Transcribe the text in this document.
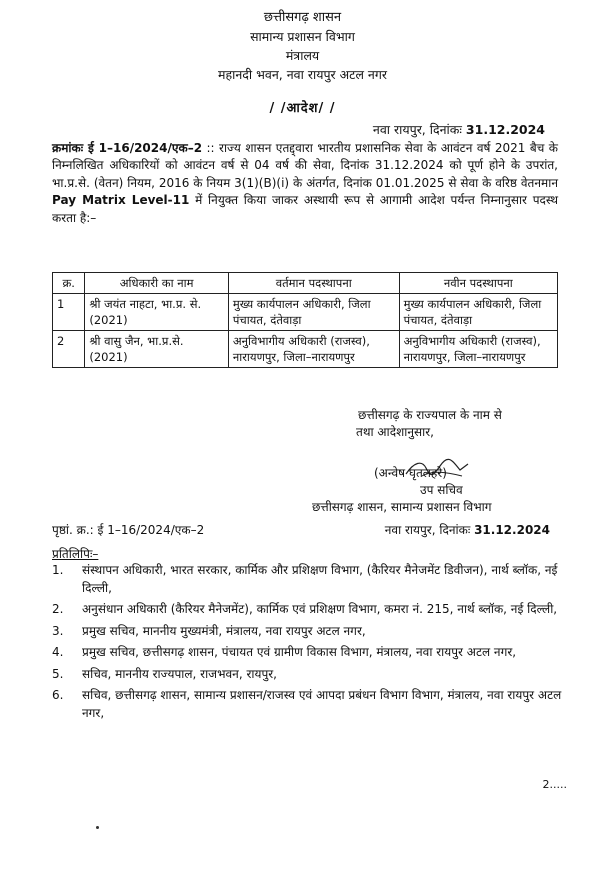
छत्तीसगढ़ शासन
सामान्य प्रशासन विभाग
मंत्रालय
महानदी भवन, नवा रायपुर अटल नगर
/ /आदेश/ /
नवा रायपुर, दिनांकः 31.12.2024
क्रमांकः ई 1–16/2024/एक–2 :: राज्य शासन एतद्द्वारा भारतीय प्रशासनिक सेवा के आवंटन वर्ष 2021 बैच के निम्नलिखित अधिकारियों को आवंटन वर्ष से 04 वर्ष की सेवा, दिनांक 31.12.2024 को पूर्ण होने के उपरांत, भा.प्र.से. (वेतन) नियम, 2016 के नियम 3(1)(B)(i) के अंतर्गत, दिनांक 01.01.2025 से सेवा के वरिष्ठ वेतनमान Pay Matrix Level-11 में नियुक्त किया जाकर अस्थायी रूप से आगामी आदेश पर्यन्त निम्नानुसार पदस्थ करता है:–
क्र.	अधिकारी का नाम	वर्तमान पदस्थापना	नवीन पदस्थापना
1	श्री जयंत नाहटा, भा.प्र. से. (2021)	मुख्य कार्यपालन अधिकारी, जिला पंचायत, दंतेवाड़ा	मुख्य कार्यपालन अधिकारी, जिला पंचायत, दंतेवाड़ा
2	श्री वासु जैन, भा.प्र.से. (2021)	अनुविभागीय अधिकारी (राजस्व), नारायणपुर, जिला–नारायणपुर	अनुविभागीय अधिकारी (राजस्व), नारायणपुर, जिला–नारायणपुर
छत्तीसगढ़ के राज्यपाल के नाम से
तथा आदेशानुसार,
(अन्वेष घृतलहरे)
उप सचिव
छत्तीसगढ़ शासन, सामान्य प्रशासन विभाग
पृष्ठां. क्र.: ई 1–16/2024/एक–2	नवा रायपुर, दिनांकः 31.12.2024
प्रतिलिपिः–
1. संस्थापन अधिकारी, भारत सरकार, कार्मिक और प्रशिक्षण विभाग, (कैरियर मैनेजमेंट डिवीजन), नार्थ ब्लॉक, नई दिल्ली,
2. अनुसंधान अधिकारी (कैरियर मैनेजमेंट), कार्मिक एवं प्रशिक्षण विभाग, कमरा नं. 215, नार्थ ब्लॉक, नई दिल्ली,
3. प्रमुख सचिव, माननीय मुख्यमंत्री, मंत्रालय, नवा रायपुर अटल नगर,
4. प्रमुख सचिव, छत्तीसगढ़ शासन, पंचायत एवं ग्रामीण विकास विभाग, मंत्रालय, नवा रायपुर अटल नगर,
5. सचिव, माननीय राज्यपाल, राजभवन, रायपुर,
6. सचिव, छत्तीसगढ़ शासन, सामान्य प्रशासन/राजस्व एवं आपदा प्रबंधन विभाग विभाग, मंत्रालय, नवा रायपुर अटल नगर,
2.....
